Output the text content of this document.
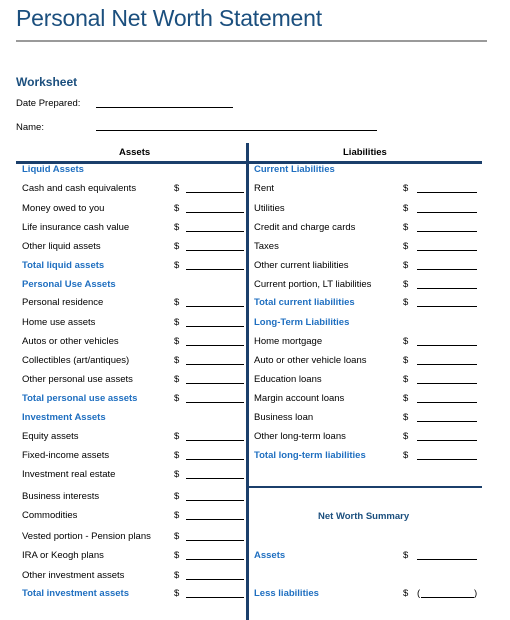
Personal Net Worth Statement
Worksheet
Date Prepared:
Name:
Assets	Liabilities
Liquid Assets
Cash and cash equivalents	$
Money owed to you	$
Life insurance cash value	$
Other liquid assets	$
Total liquid assets	$
Personal Use Assets
Personal residence	$
Home use assets	$
Autos or other vehicles	$
Collectibles (art/antiques)	$
Other personal use assets	$
Total personal use assets	$
Investment Assets
Equity assets	$
Fixed-income assets	$
Investment real estate	$
Business interests	$
Commodities	$
Vested portion - Pension plans $
IRA or Keogh plans	$
Other investment assets	$
Total investment assets	$
Current Liabilities
Rent	$
Utilities	$
Credit and charge cards	$
Taxes	$
Other current liabilities	$
Current portion, LT liabilities	$
Total current liabilities	$
Long-Term Liabilities
Home mortgage	$
Auto or other vehicle loans	$
Education loans	$
Margin account loans	$
Business loan	$
Other long-term loans	$
Total long-term liabilities	$
Net Worth Summary
Assets	$
Less liabilities	$ (	)
